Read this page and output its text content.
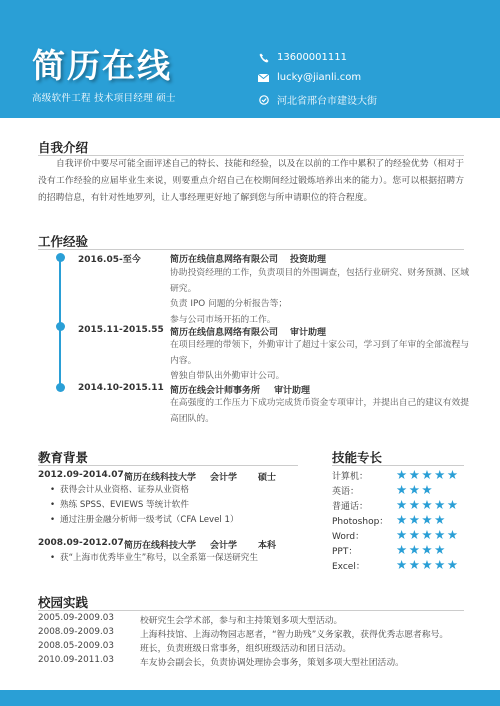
简历在线
高级软件工程 技术项目经理 硕士
13600001111
lucky@jianli.com
河北省邢台市建设大街
自我介绍
自我评价中要尽可能全面评述自己的特长、技能和经验，以及在以前的工作中累积了的经验优势（相对于没有工作经验的应届毕业生来说，则要重点介绍自己在校期间经过锻炼培养出来的能力）。您可以根据招聘方的招聘信息，有针对性地罗列，让人事经理更好地了解到您与所申请职位的符合程度。
工作经验
2016.05-至今	简历在线信息网络有限公司 投资助理
协助投资经理的工作，负责项目的外围调查，包括行业研究、财务预测、区域研究。
负责 IPO 问题的分析报告等；
参与公司市场开拓的工作。
2015.11-2015.55 简历在线信息网络有限公司 审计助理
在项目经理的带领下，外勤审计了超过十家公司，学习到了年审的全部流程与内容。
曾独自带队出外勤审计公司。
2014.10-2015.11 简历在线会计师事务所 审计助理
在高强度的工作压力下成功完成货币资金专项审计，并提出自己的建议有效提高团队的。
教育背景
2012.09-2014.07 简历在线科技大学 会计学 硕士
• 获得会计从业资格、证券从业资格
• 熟练 SPSS、EVIEWS 等统计软件
• 通过注册金融分析师一级考试（CFA Level 1）
2008.09-2012.07 简历在线科技大学 会计学 本科
• 获“上海市优秀毕业生”称号，以全系第一保送研究生
技能专长
计算机： ★★★★★
英语：	★★★
普通话： ★★★★★
Photoshop： ★★★★
Word：	★★★★★
PPT：	★★★★
Excel： ★★★★★
校园实践
2005.09-2009.03	校研究生会学术部，参与和主持策划多项大型活动。
2008.09-2009.03	上海科技馆、上海动物园志愿者，“智力助残”义务家教，获得优秀志愿者称号。
2008.05-2009.03	班长，负责班级日常事务，组织班级活动和团日活动。
2010.09-2011.03	车友协会副会长，负责协调处理协会事务，策划多项大型社团活动。
